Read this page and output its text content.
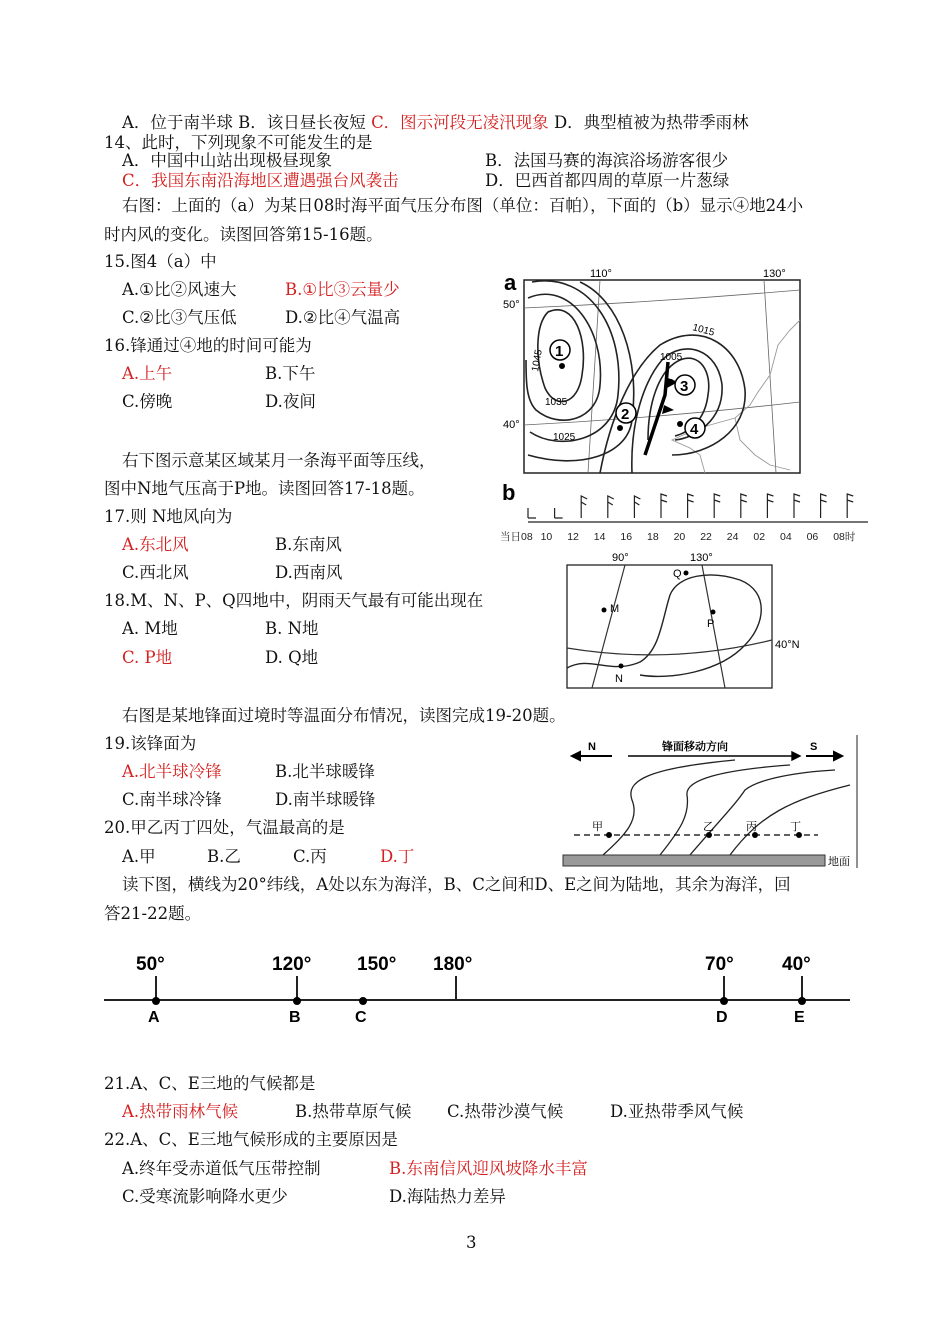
A．位于南半球 B．该日昼长夜短 C．图示河段无凌汛现象 D．典型植被为热带季雨林
14、此时，下列现象不可能发生的是
A．中国中山站出现极昼现象	B．法国马赛的海滨浴场游客很少
C．我国东南沿海地区遭遇强台风袭击	D．巴西首都四周的草原一片葱绿
右图：上面的（a）为某日08时海平面气压分布图（单位：百帕），下面的（b）显示④地24小
时内风的变化。读图回答第15-16题。
15.图4（a）中
A.①比②风速大	B.①比③云量少
C.②比③气压低	D.②比④气温高
16.锋通过④地的时间可能为
A.上午	B.下午
C.傍晚	D.夜间
右下图示意某区域某月一条海平面等压线，
图中N地气压高于P地。读图回答17-18题。
17.则 N地风向为
A.东北风	B.东南风
C.西北风	D.西南风
18.M、N、P、Q四地中，阴雨天气最有可能出现在
A. M地	B. N地
C. P地	D. Q地
右图是某地锋面过境时等温面分布情况，读图完成19-20题。
19.该锋面为
A.北半球冷锋	B.北半球暖锋
C.南半球冷锋	D.南半球暖锋
20.甲乙丙丁四处，气温最高的是
A.甲	B.乙	C.丙	D.丁
读下图，横线为20°纬线，A处以东为海洋，B、C之间和D、E之间为陆地，其余为海洋，回
答21-22题。
21.A、C、E三地的气候都是
A.热带雨林气候	B.热带草原气候 C.热带沙漠气候	D.亚热带季风气候
22.A、C、E三地气候形成的主要原因是
A.终年受赤道低气压带控制	B.东南信风迎风坡降水丰富
C.受寒流影响降水更少	D.海陆热力差异
3
a	110°	130°
50°
40°
1045
1035
1025
1015
1005
1
2
3
4
b
当日08 10 12 14 16 18 20 22 24 02 04 06 08时
90°	130°
40°N
M
N
P
Q
N	锋面移动方向	S
甲	乙	丙	丁
地面
50°
A
120°
B
150°
C
180°	70°
D
40°
E
